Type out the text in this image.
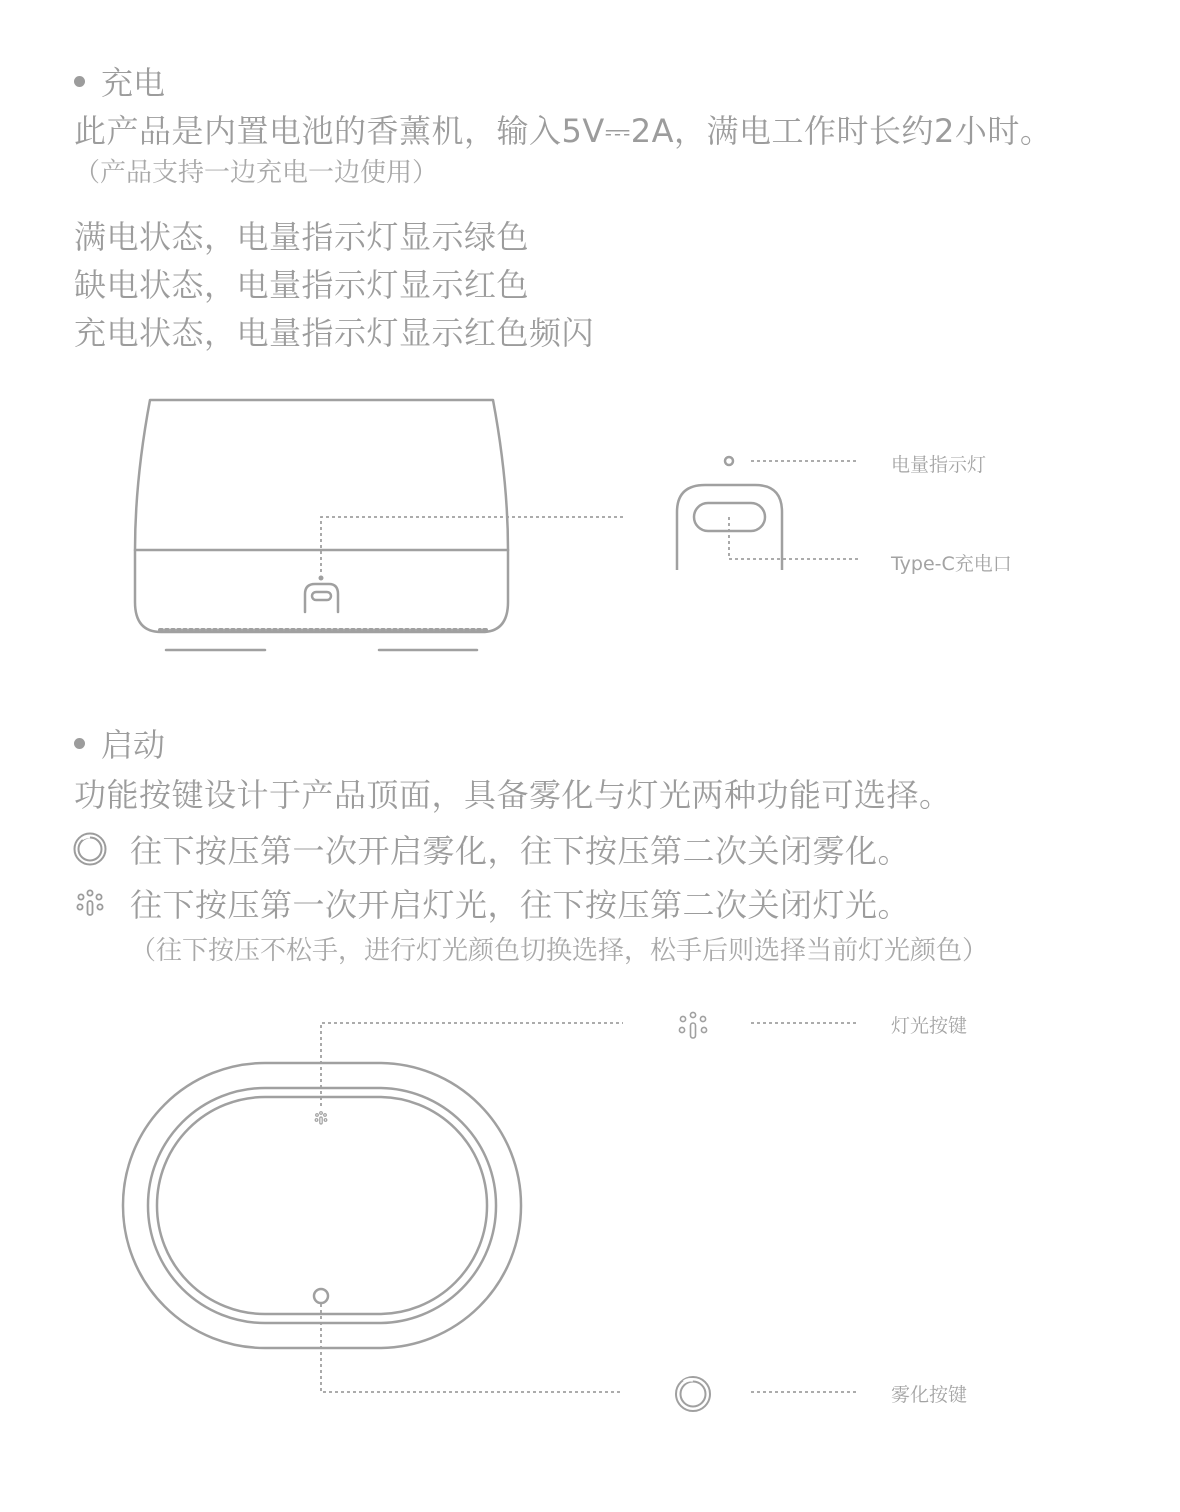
充电
此产品是内置电池的香薰机，输入5V⎓2A，满电工作时长约2小时。
（产品支持一边充电一边使用）
满电状态，电量指示灯显示绿色
缺电状态，电量指示灯显示红色
充电状态，电量指示灯显示红色频闪
电量指示灯
Type-C充电口
启动
功能按键设计于产品顶面，具备雾化与灯光两种功能可选择。
往下按压第一次开启雾化，往下按压第二次关闭雾化。
往下按压第一次开启灯光，往下按压第二次关闭灯光。
（往下按压不松手，进行灯光颜色切换选择，松手后则选择当前灯光颜色）
灯光按键
雾化按键
